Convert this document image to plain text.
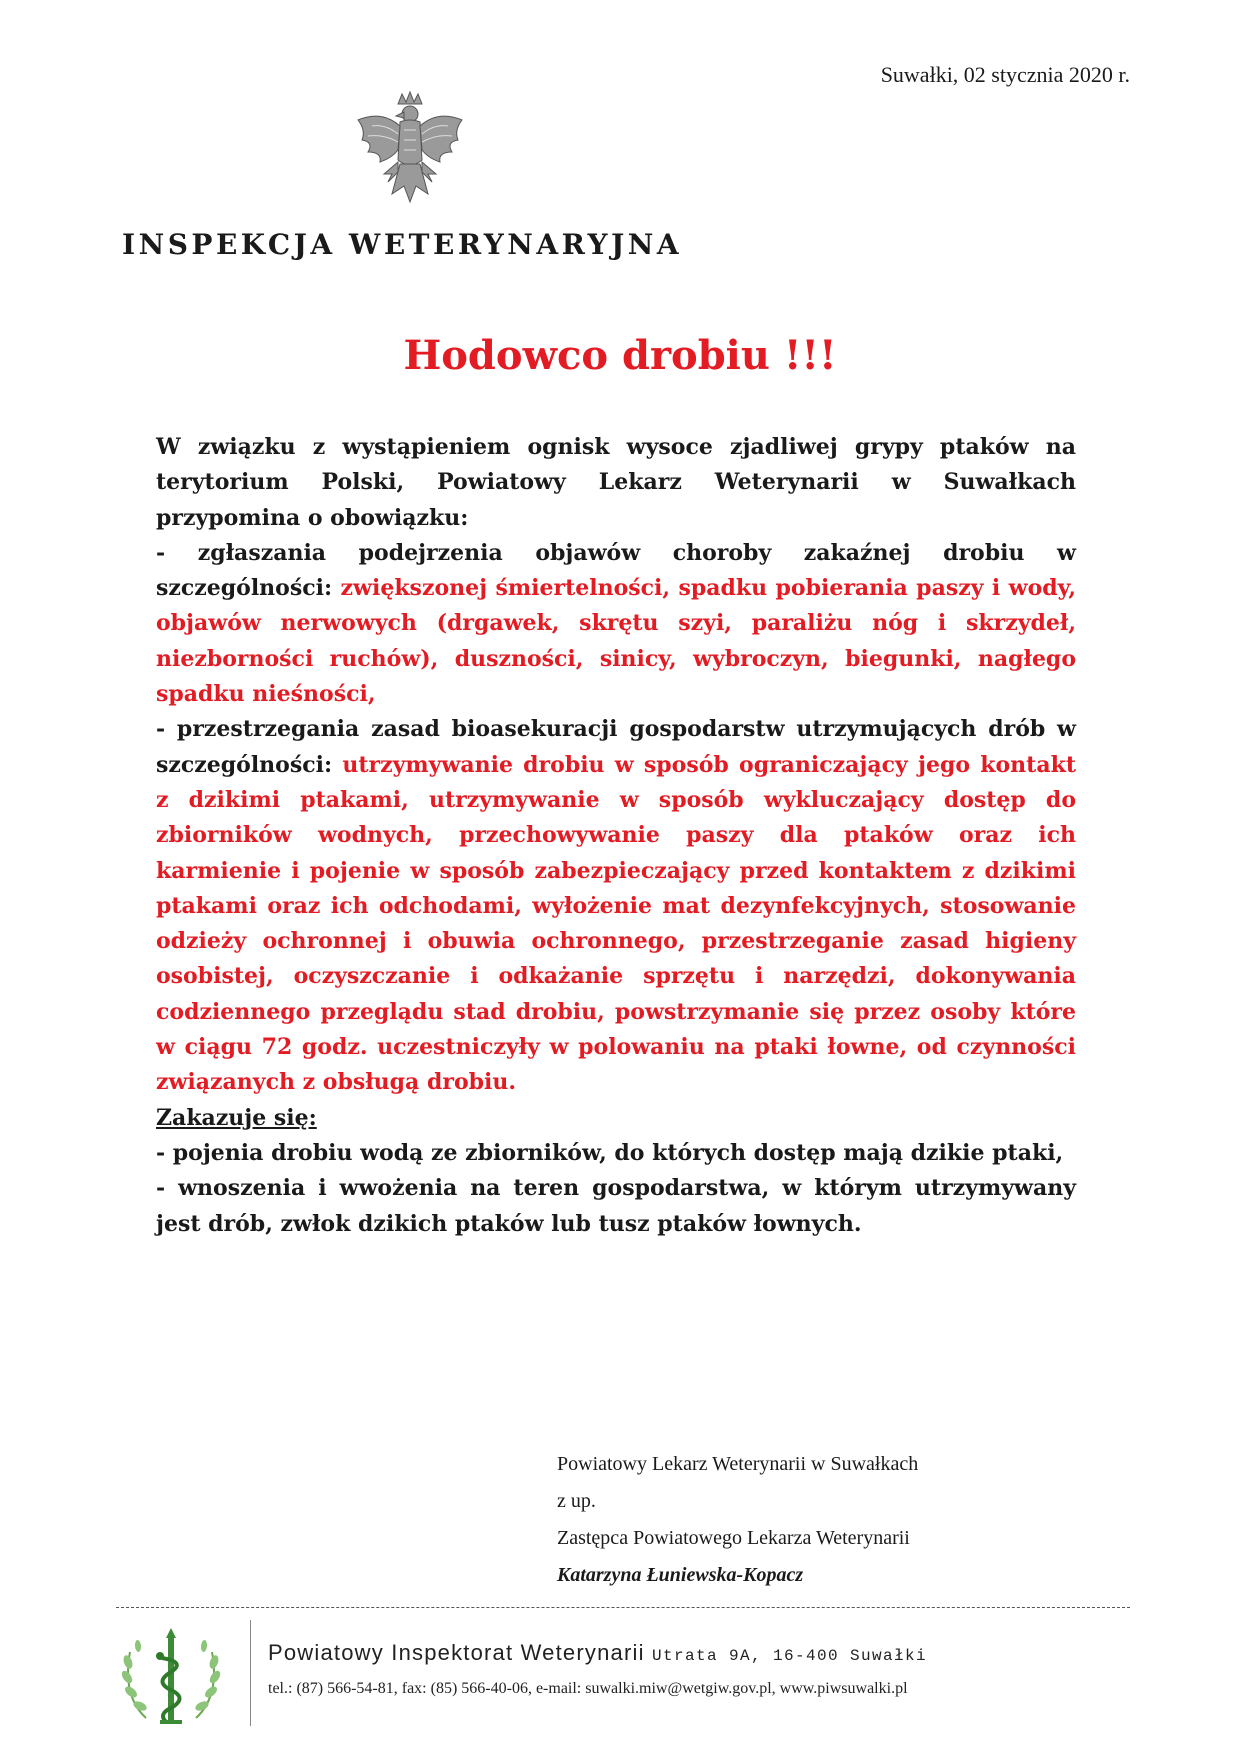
Suwałki, 02 stycznia 2020 r.
INSPEKCJA WETERYNARYJNA
Hodowco drobiu !!!

W związku z wystąpieniem ognisk wysoce zjadliwej grypy ptaków na terytorium Polski, Powiatowy Lekarz Weterynarii w Suwałkach przypomina o obowiązku:

- zgłaszania podejrzenia objawów choroby zakaźnej drobiu w szczególności: zwiększonej śmiertelności, spadku pobierania paszy i wody, objawów nerwowych (drgawek, skrętu szyi, paraliżu nóg i skrzydeł, niezborności ruchów), duszności, sinicy, wybroczyn, biegunki, nagłego spadku nieśności,

- przestrzegania zasad bioasekuracji gospodarstw utrzymujących drób w szczególności: utrzymywanie drobiu w sposób ograniczający jego kontakt z dzikimi ptakami, utrzymywanie w sposób wykluczający dostęp do zbiorników wodnych, przechowywanie paszy dla ptaków oraz ich karmienie i pojenie w sposób zabezpieczający przed kontaktem z dzikimi ptakami oraz ich odchodami, wyłożenie mat dezynfekcyjnych, stosowanie odzieży ochronnej i obuwia ochronnego, przestrzeganie zasad higieny osobistej, oczyszczanie i odkażanie sprzętu i narzędzi, dokonywania codziennego przeglądu stad drobiu, powstrzymanie się przez osoby które w ciągu 72 godz. uczestniczyły w polowaniu na ptaki łowne, od czynności związanych z obsługą drobiu.

Zakazuje się:

- pojenia drobiu wodą ze zbiorników, do których dostęp mają dzikie ptaki,

- wnoszenia i wwożenia na teren gospodarstwa, w którym utrzymywany jest drób, zwłok dzikich ptaków lub tusz ptaków łownych.

Powiatowy Lekarz Weterynarii w Suwałkach
z up.
Zastępca Powiatowego Lekarza Weterynarii
Katarzyna Łuniewska-Kopacz
Powiatowy Inspektorat Weterynarii Utrata 9A, 16-400 Suwałki
tel.: (87) 566-54-81, fax: (85) 566-40-06, e-mail: suwalki.miw@wetgiw.gov.pl, www.piwsuwalki.pl
